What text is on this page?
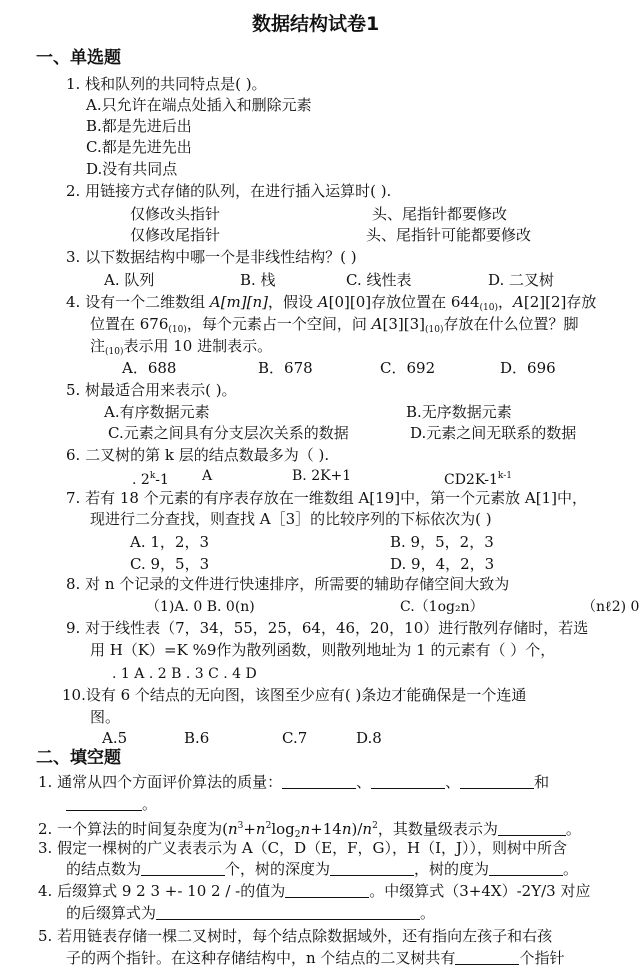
数据结构试卷1
一、单选题
1. 栈和队列的共同特点是( )。
A.只允许在端点处插入和删除元素
B.都是先进后出
C.都是先进先出
D.没有共同点
2. 用链接方式存储的队列，在进行插入运算时( ).
仅修改头指针	头、尾指针都要修改
仅修改尾指针	头、尾指针可能都要修改
3. 以下数据结构中哪一个是非线性结构？( )
A. 队列	B. 栈	C. 线性表	D. 二叉树
4. 设有一个二维数组 A[m][n]，假设 A[0][0]存放位置在 $644_{(10)}$，A[2][2]存放
位置在 $676_{(10)}$，每个元素占一个空间，问 $A[3][3]_{(10)}$存放在什么位置？脚
注$_{(10)}$表示用 10 进制表示。
A．688	B．678	C．692	D．696
5. 树最适合用来表示( )。
A.有序数据元素	B.无序数据元素
C.元素之间具有分支层次关系的数据	D.元素之间无联系的数据
6. 二叉树的第 k 层的结点数最多为（ ).
. 2$^k$-1 A	B. 2K+1	CD2K-1$^{k-1}$
7. 若有 18 个元素的有序表存放在一维数组 A[19]中，第一个元素放 A[1]中，
现进行二分查找，则查找 A［3］的比较序列的下标依次为( )
A. 1，2，3	B. 9，5，2，3
C. 9，5，3	D. 9，4，2，3
8. 对 n 个记录的文件进行快速排序，所需要的辅助存储空间大致为
（1)A. 0 B. 0(n)	C.（1og₂n）	（nℓ2) 0
9. 对于线性表（7，34，55，25，64，46，20，10）进行散列存储时，若选
用 H（K）=K %9作为散列函数，则散列地址为 1 的元素有（ ）个，
. 1 A . 2 B . 3 C . 4 D
10.设有 6 个结点的无向图，该图至少应有( )条边才能确保是一个连通
图。
A.5	B.6	C.7	D.8
二、填空题
1. 通常从四个方面评价算法的质量：	、	、	和
。
2. 一个算法的时间复杂度为$(n^3+n^2\log_2n+14n)/n^2$，其数量级表示为	。
3. 假定一棵树的广义表表示为 A（C，D（E，F，G），H（I，J）），则树中所含
的结点数为	个，树的深度为	，树的度为	。
4. 后缀算式 9 2 3 +- 10 2 / -的值为	。中缀算式（3+4X）-2Y/3 对应
的后缀算式为	。
5. 若用链表存储一棵二叉树时，每个结点除数据域外，还有指向左孩子和右孩
子的两个指针。在这种存储结构中，n 个结点的二叉树共有	个指针
